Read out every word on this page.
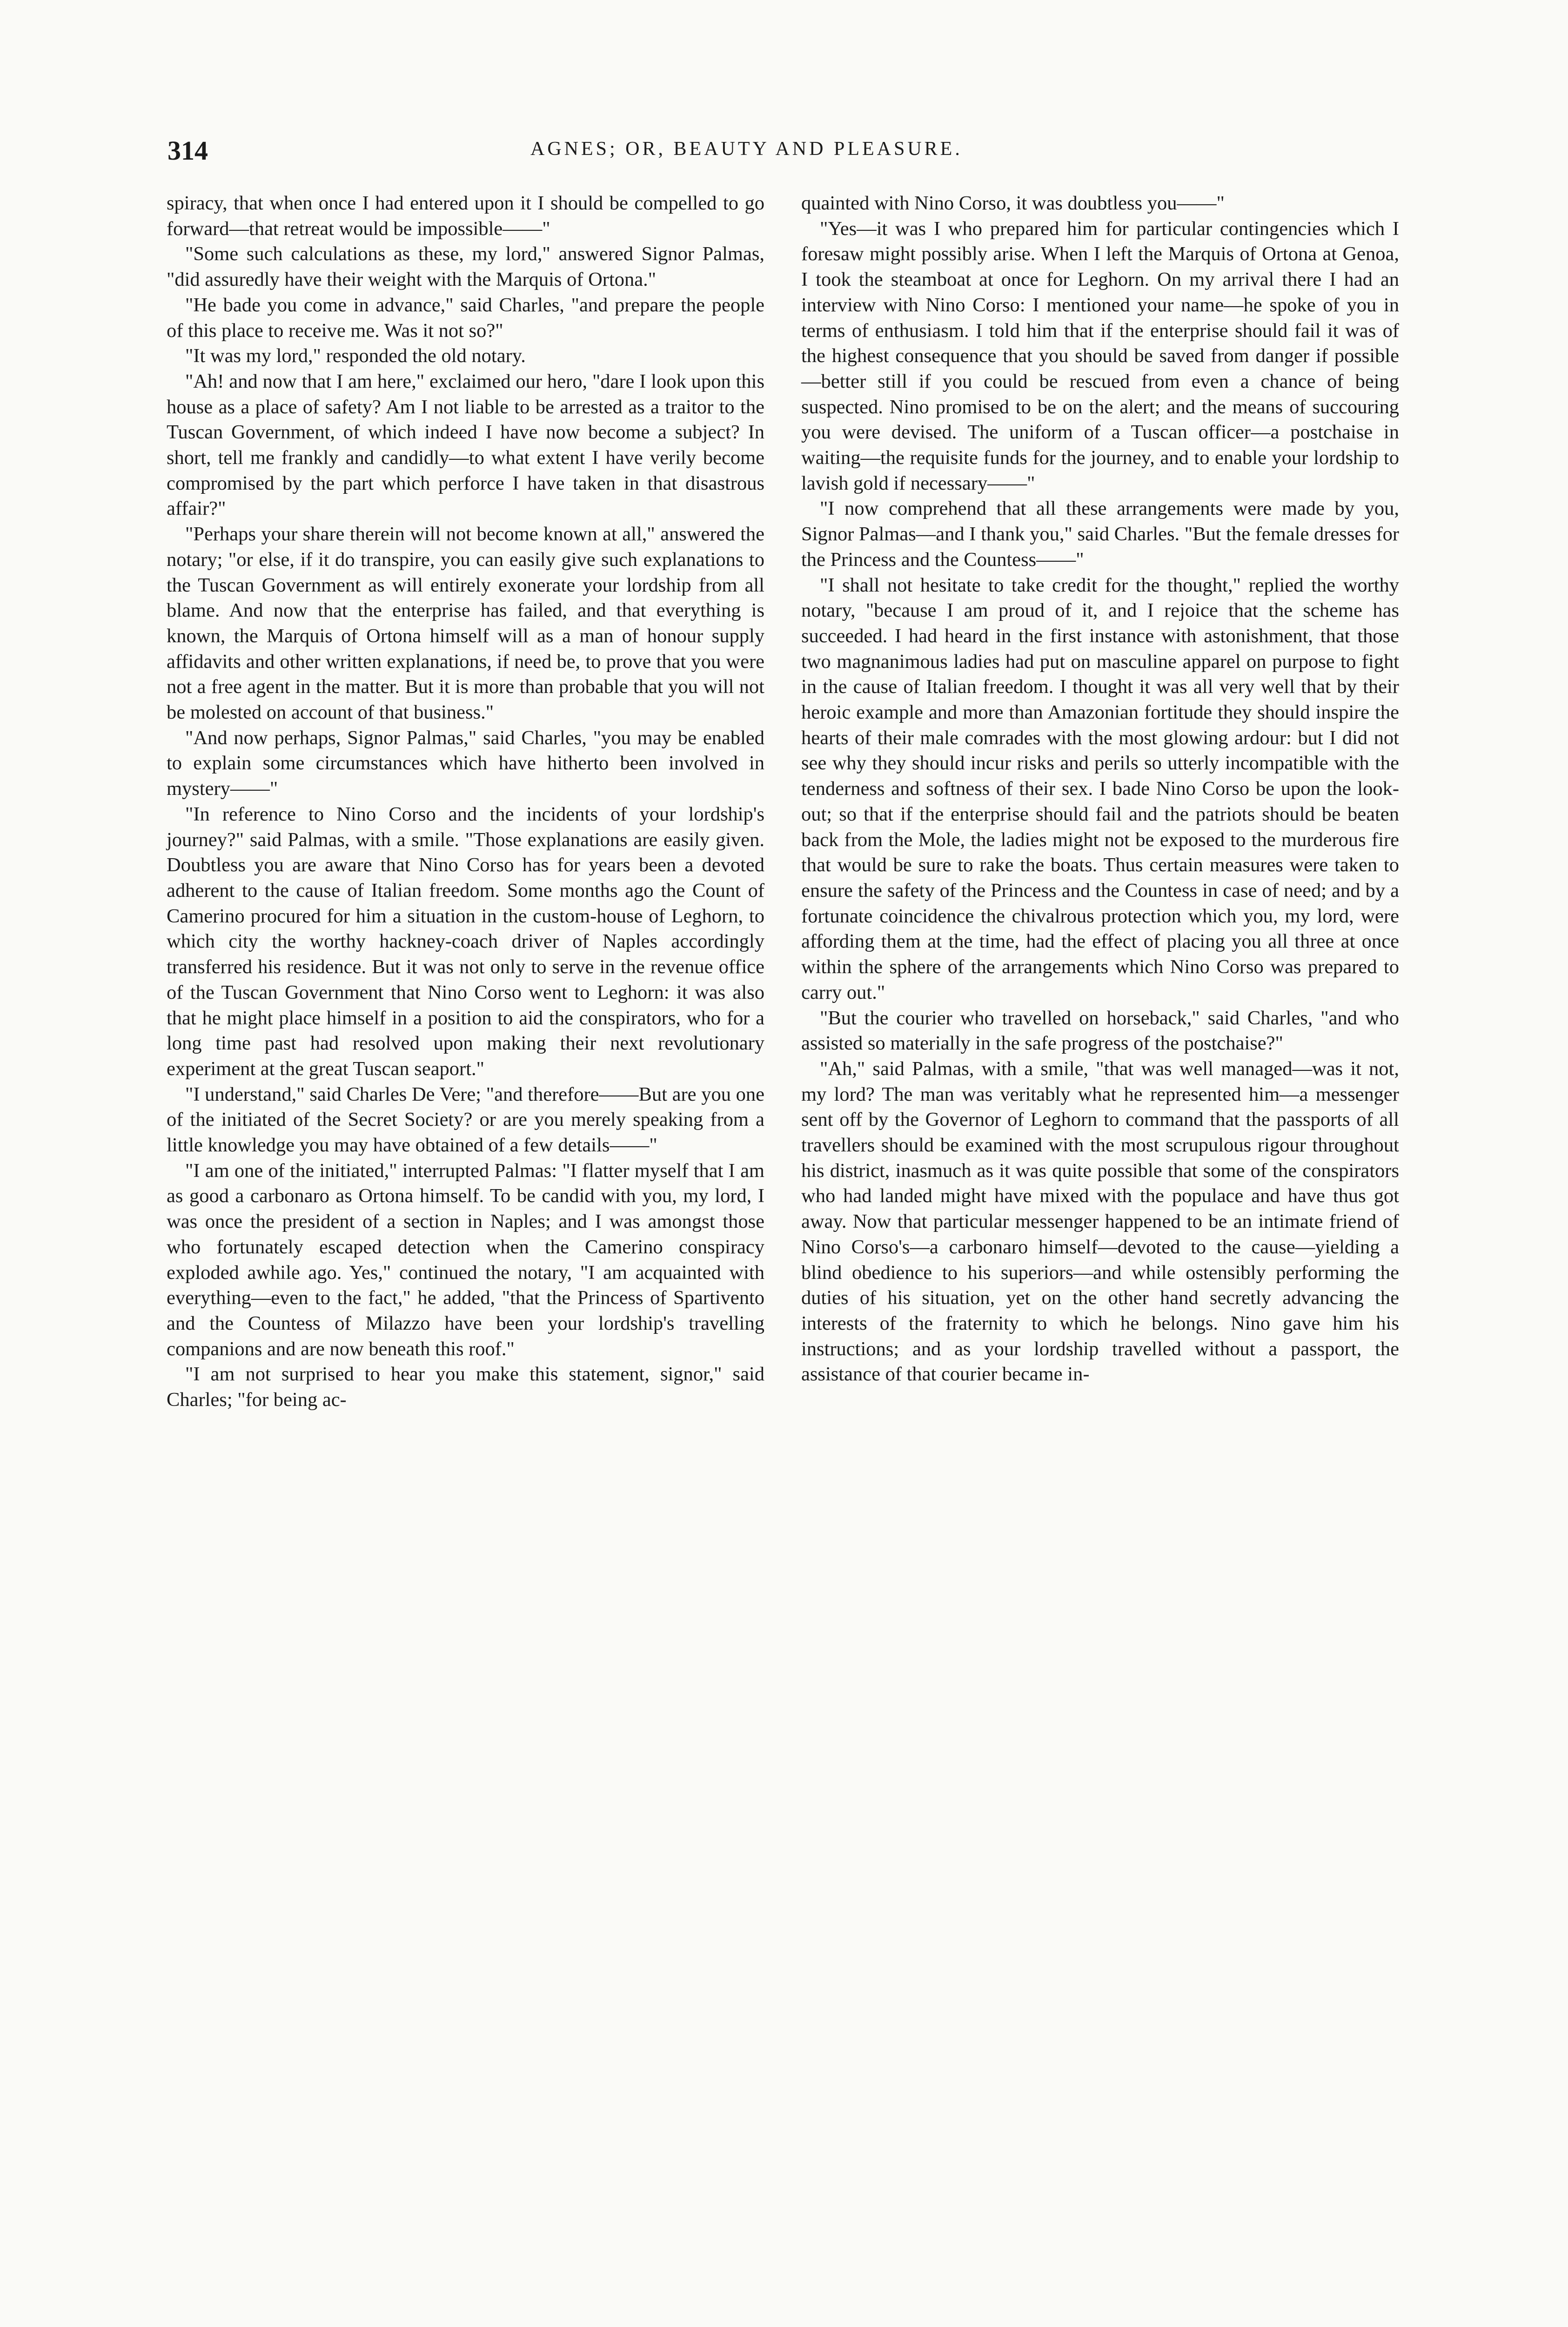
314	AGNES; OR, BEAUTY AND PLEASURE.

spiracy, that when once I had entered upon it I should be compelled to go forward—that retreat would be impossible——"

"Some such calculations as these, my lord," answered Signor Palmas, "did assuredly have their weight with the Marquis of Ortona."

"He bade you come in advance," said Charles, "and prepare the people of this place to receive me. Was it not so?"

"It was my lord," responded the old notary.

"Ah! and now that I am here," exclaimed our hero, "dare I look upon this house as a place of safety? Am I not liable to be arrested as a traitor to the Tuscan Government, of which indeed I have now become a subject? In short, tell me frankly and candidly—to what extent I have verily become compromised by the part which perforce I have taken in that disastrous affair?"

"Perhaps your share therein will not become known at all," answered the notary; "or else, if it do transpire, you can easily give such explanations to the Tuscan Government as will entirely exonerate your lordship from all blame. And now that the enterprise has failed, and that everything is known, the Marquis of Ortona himself will as a man of honour supply affidavits and other written explanations, if need be, to prove that you were not a free agent in the matter. But it is more than probable that you will not be molested on account of that business."

"And now perhaps, Signor Palmas," said Charles, "you may be enabled to explain some circumstances which have hitherto been involved in mystery——"

"In reference to Nino Corso and the incidents of your lordship's journey?" said Palmas, with a smile. "Those explanations are easily given. Doubtless you are aware that Nino Corso has for years been a devoted adherent to the cause of Italian freedom. Some months ago the Count of Camerino procured for him a situation in the custom-house of Leghorn, to which city the worthy hackney-coach driver of Naples accordingly transferred his residence. But it was not only to serve in the revenue office of the Tuscan Government that Nino Corso went to Leghorn: it was also that he might place himself in a position to aid the conspirators, who for a long time past had resolved upon making their next revolutionary experiment at the great Tuscan seaport."

"I understand," said Charles De Vere; "and therefore——But are you one of the initiated of the Secret Society? or are you merely speaking from a little knowledge you may have obtained of a few details——"

"I am one of the initiated," interrupted Palmas: "I flatter myself that I am as good a carbonaro as Ortona himself. To be candid with you, my lord, I was once the president of a section in Naples; and I was amongst those who fortunately escaped detection when the Camerino conspiracy exploded awhile ago. Yes," continued the notary, "I am acquainted with everything—even to the fact," he added, "that the Princess of Spartivento and the Countess of Milazzo have been your lordship's travelling companions and are now beneath this roof."

"I am not surprised to hear you make this statement, signor," said Charles; "for being ac-

quainted with Nino Corso, it was doubtless you——"

"Yes—it was I who prepared him for particular contingencies which I foresaw might possibly arise. When I left the Marquis of Ortona at Genoa, I took the steamboat at once for Leghorn. On my arrival there I had an interview with Nino Corso: I mentioned your name—he spoke of you in terms of enthusiasm. I told him that if the enterprise should fail it was of the highest consequence that you should be saved from danger if possible—better still if you could be rescued from even a chance of being suspected. Nino promised to be on the alert; and the means of succouring you were devised. The uniform of a Tuscan officer—a postchaise in waiting—the requisite funds for the journey, and to enable your lordship to lavish gold if necessary——"

"I now comprehend that all these arrangements were made by you, Signor Palmas—and I thank you," said Charles. "But the female dresses for the Princess and the Countess——"

"I shall not hesitate to take credit for the thought," replied the worthy notary, "because I am proud of it, and I rejoice that the scheme has succeeded. I had heard in the first instance with astonishment, that those two magnanimous ladies had put on masculine apparel on purpose to fight in the cause of Italian freedom. I thought it was all very well that by their heroic example and more than Amazonian fortitude they should inspire the hearts of their male comrades with the most glowing ardour: but I did not see why they should incur risks and perils so utterly incompatible with the tenderness and softness of their sex. I bade Nino Corso be upon the look-out; so that if the enterprise should fail and the patriots should be beaten back from the Mole, the ladies might not be exposed to the murderous fire that would be sure to rake the boats. Thus certain measures were taken to ensure the safety of the Princess and the Countess in case of need; and by a fortunate coincidence the chivalrous protection which you, my lord, were affording them at the time, had the effect of placing you all three at once within the sphere of the arrangements which Nino Corso was prepared to carry out."

"But the courier who travelled on horseback," said Charles, "and who assisted so materially in the safe progress of the postchaise?"

"Ah," said Palmas, with a smile, "that was well managed—was it not, my lord? The man was veritably what he represented him—a messenger sent off by the Governor of Leghorn to command that the passports of all travellers should be examined with the most scrupulous rigour throughout his district, inasmuch as it was quite possible that some of the conspirators who had landed might have mixed with the populace and have thus got away. Now that particular messenger happened to be an intimate friend of Nino Corso's—a carbonaro himself—devoted to the cause—yielding a blind obedience to his superiors—and while ostensibly performing the duties of his situation, yet on the other hand secretly advancing the interests of the fraternity to which he belongs. Nino gave him his instructions; and as your lordship travelled without a passport, the assistance of that courier became in-
